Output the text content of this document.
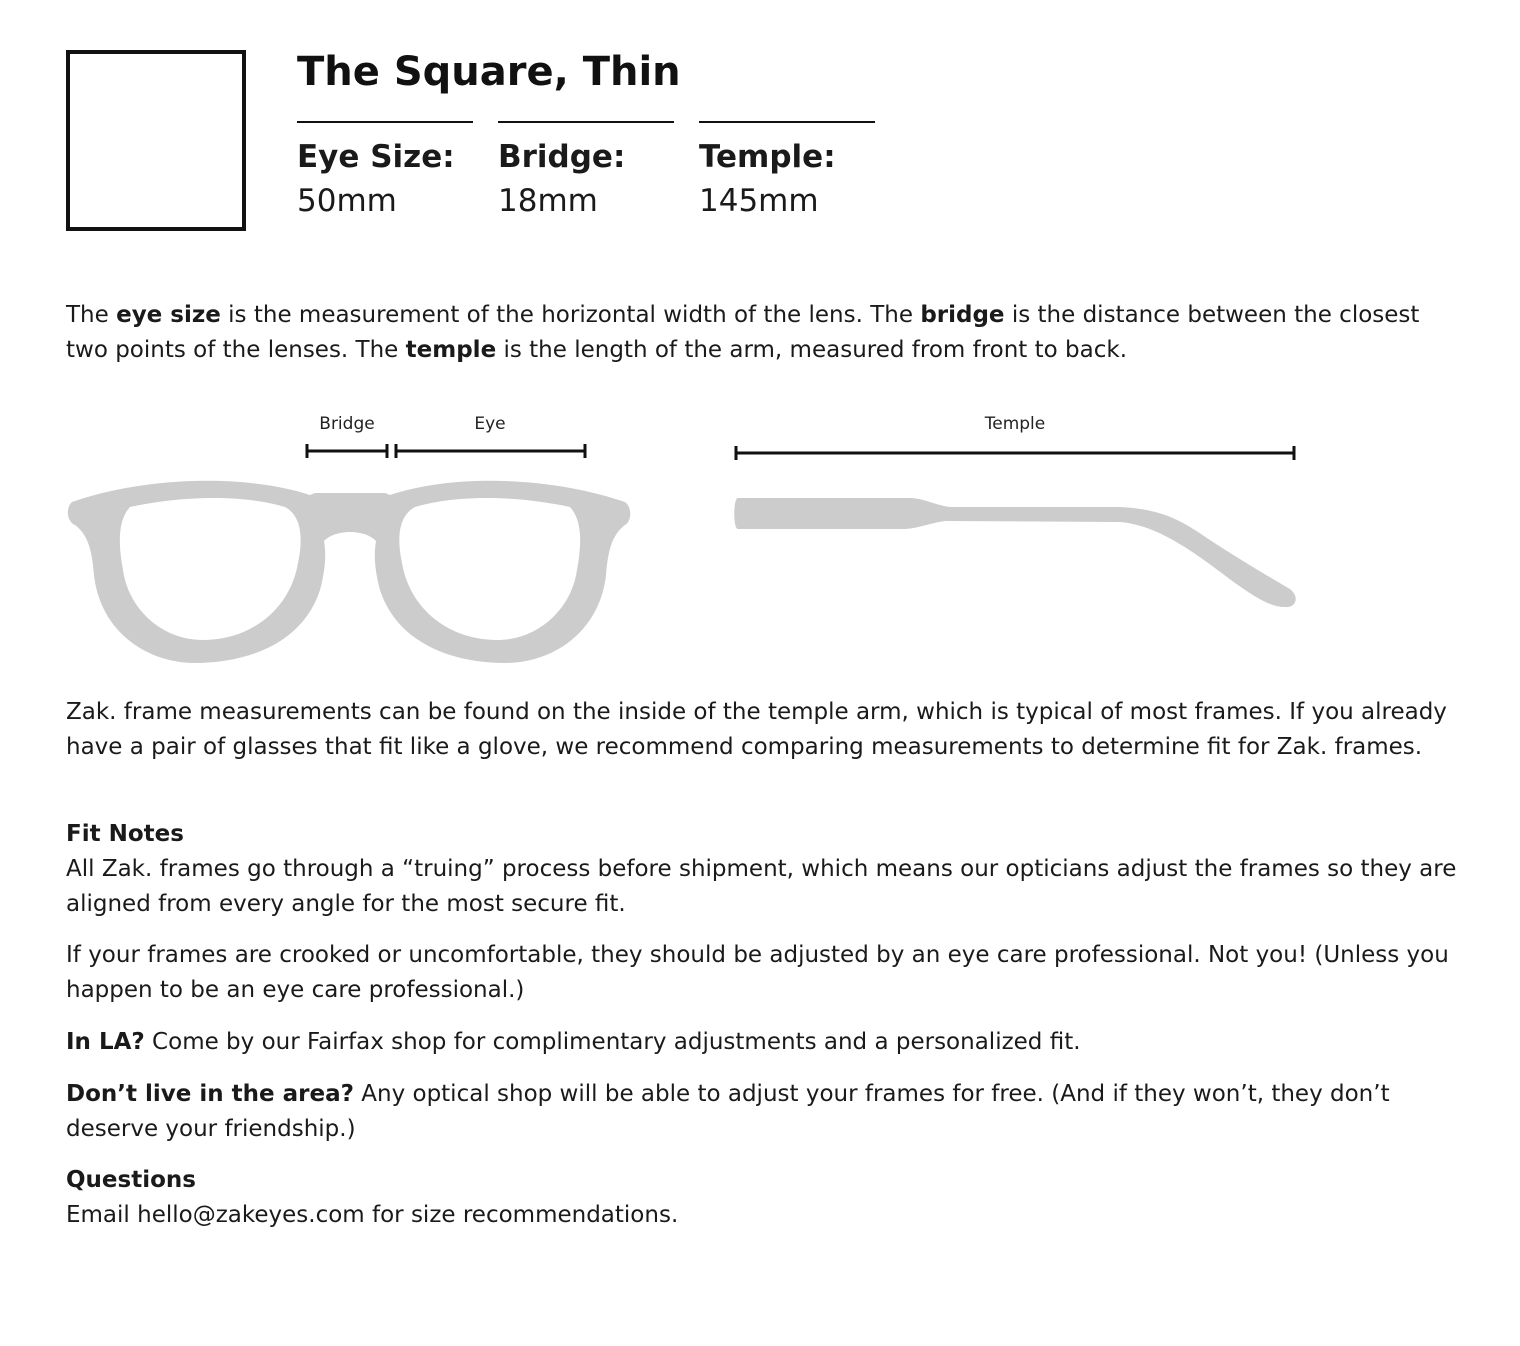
The Square, Thin
Eye Size:
50mm
Bridge:
18mm
Temple:
145mm

The eye size is the measurement of the horizontal width of the lens. The bridge is the distance between the closest two points of the lenses. The temple is the length of the arm, measured from front to back.

Bridge	Eye	Temple

Zak. frame measurements can be found on the inside of the temple arm, which is typical of most frames. If you already have a pair of glasses that fit like a glove, we recommend comparing measurements to determine fit for Zak. frames.

Fit Notes

All Zak. frames go through a “truing” process before shipment, which means our opticians adjust the frames so they are aligned from every angle for the most secure fit.

If your frames are crooked or uncomfortable, they should be adjusted by an eye care professional. Not you! (Unless you happen to be an eye care professional.)

In LA? Come by our Fairfax shop for complimentary adjustments and a personalized fit.

Don’t live in the area? Any optical shop will be able to adjust your frames for free. (And if they won’t, they don’t deserve your friendship.)

Questions

Email hello@zakeyes.com for size recommendations.
